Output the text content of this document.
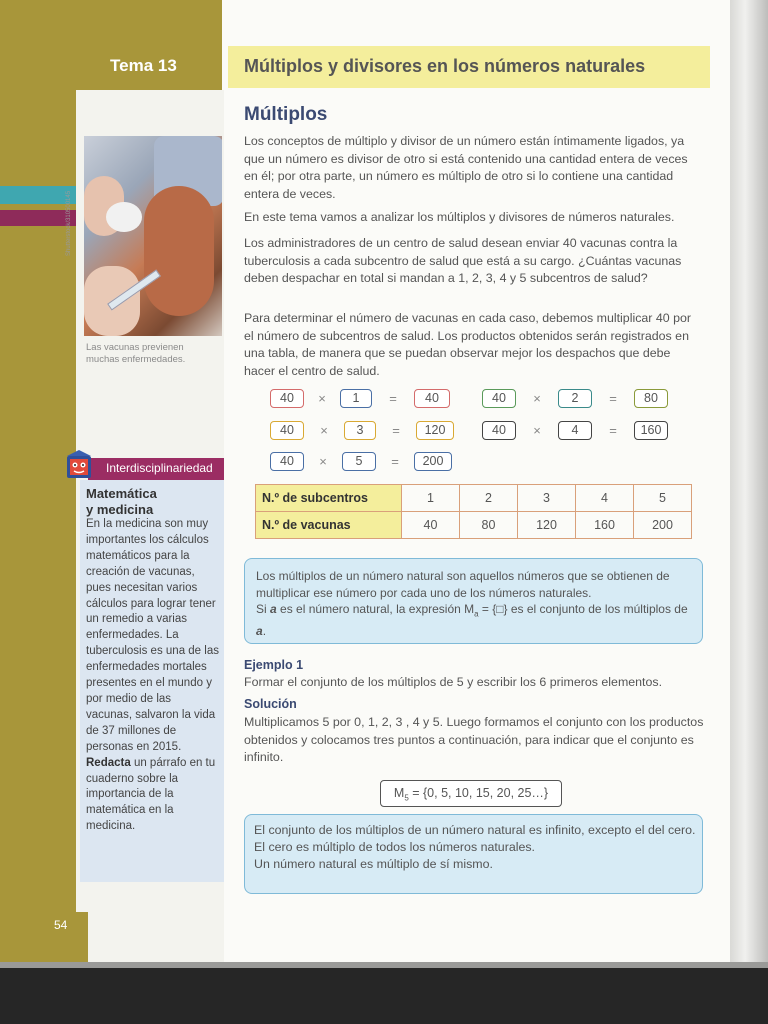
54
Tema 13	Múltiplos y divisores en los números naturales
Shutterstock/310500145
Las vacunas previenen muchas enfermedades.
Interdisciplinariedad
Matemática
y medicina
En la medicina son muy importantes los cálculos matemáticos para la creación de vacunas, pues necesitan varios cálculos para lograr tener un remedio a varias enfermedades. La tuberculosis es una de las enfermedades mortales presentes en el mundo y por medio de las vacunas, salvaron la vida de 37 millones de personas en 2015. Redacta un párrafo en tu cuaderno sobre la importancia de la matemática en la medicina.
Múltiplos
Los conceptos de múltiplo y divisor de un número están íntimamente ligados, ya que un número es divisor de otro si está contenido una cantidad entera de veces en él; por otra parte, un número es múltiplo de otro si lo contiene una cantidad entera de veces.
En este tema vamos a analizar los múltiplos y divisores de números naturales.
Los administradores de un centro de salud desean enviar 40 vacunas contra la tuberculosis a cada subcentro de salud que está a su cargo. ¿Cuántas vacunas deben despachar en total si mandan a 1, 2, 3, 4 y 5 subcentros de salud?
Para determinar el número de vacunas en cada caso, debemos multiplicar 40 por el número de subcentros de salud. Los productos obtenidos serán registrados en una tabla, de manera que se puedan observar mejor los despachos que debe hacer el centro de salud.
40	×	1	=	40	40	×	2	=	80
40	×	3	=	120	40	×	4	=	160
40	×	5	=	200
N.º de subcentros	1	2	3	4	5
N.º de vacunas	40	80	120	160	200
Los múltiplos de un número natural son aquellos números que se obtienen de multiplicar ese número por cada uno de los números naturales.
Si a es el número natural, la expresión $M_a$ = {□} es el conjunto de los múltiplos de a.
Ejemplo 1
Formar el conjunto de los múltiplos de 5 y escribir los 6 primeros elementos.
Solución
Multiplicamos 5 por 0, 1, 2, 3 , 4 y 5. Luego formamos el conjunto con los productos obtenidos y colocamos tres puntos a continuación, para indicar que el conjunto es infinito.
$M_5 = \{0$, 5, 10, 15, 20, 25…}
El conjunto de los múltiplos de un número natural es infinito, excepto el del cero.
El cero es múltiplo de todos los números naturales.
Un número natural es múltiplo de sí mismo.
